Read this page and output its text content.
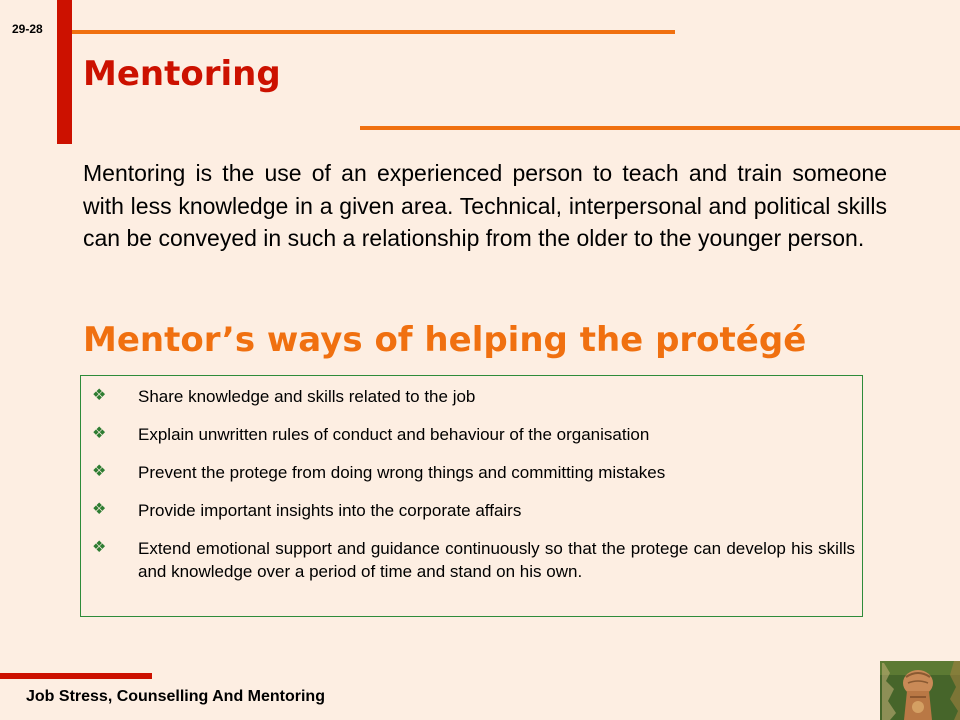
29-28
Mentoring

Mentoring is the use of an experienced person to teach and train someone with less knowledge in a given area. Technical, interpersonal and political skills can be conveyed in such a relationship from the older to the younger person.

Mentor’s ways of helping the protégé
❖ Share knowledge and skills related to the job
❖ Explain unwritten rules of conduct and behaviour of the organisation
❖ Prevent the protege from doing wrong things and committing mistakes
❖ Provide important insights into the corporate affairs
❖ Extend emotional support and guidance continuously so that the protege can develop his skills and knowledge over a period of time and stand on his own.

Job Stress, Counselling And Mentoring
